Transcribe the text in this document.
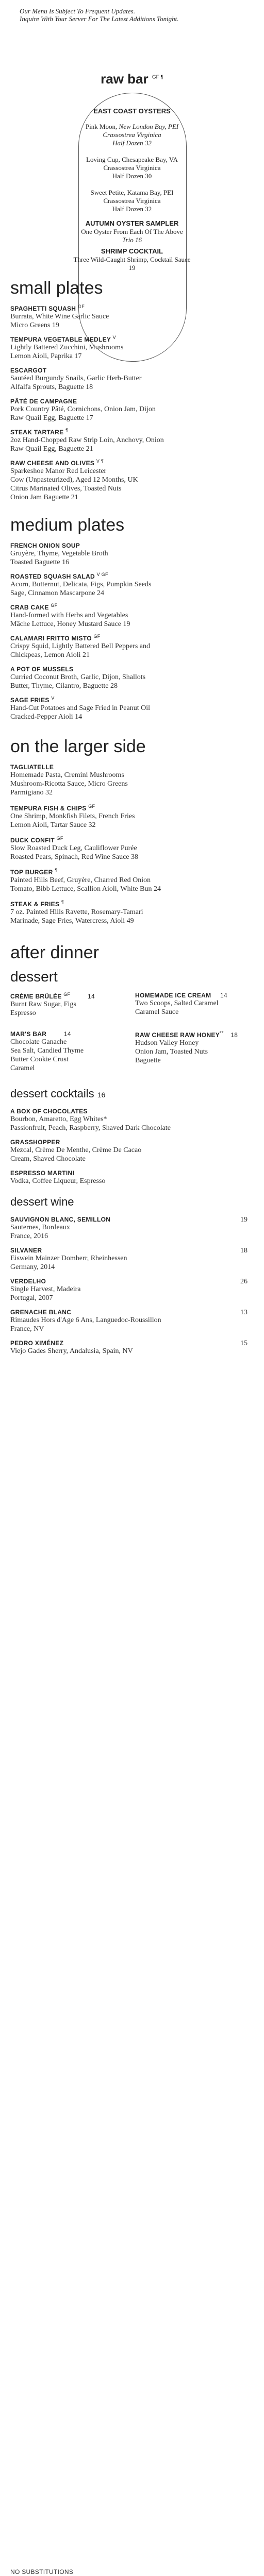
Our Menu Is Subject To Frequent Updates.
Inquire With Your Server For The Latest Additions Tonight.
raw bar $^{GF \P}$
EAST COAST OYSTERS
Pink Moon, New London Bay, PEI
Crassostrea Virginica
Half Dozen 32
Loving Cup, Chesapeake Bay, VA
Crassostrea Virginica
Half Dozen 30
Sweet Petite, Katama Bay, PEI
Crassostrea Virginica
Half Dozen 32
AUTUMN OYSTER SAMPLER
One Oyster From Each Of The Above
Trio 16
SHRIMP COCKTAIL
Three Wild-Caught Shrimp, Cocktail Sauce
19
small plates
SPAGHETTI SQUASH $^{GF}$
Burrata, White Wine Garlic Sauce
Micro Greens 19
TEMPURA VEGETABLE MEDLEY $^V$
Lightly Battered Zucchini, Mushrooms
Lemon Aioli, Paprika 17
ESCARGOT
Sautéed Burgundy Snails, Garlic Herb-Butter
Alfalfa Sprouts, Baguette 18
PÂTÉ DE CAMPAGNE
Pork Country Pâté, Cornichons, Onion Jam, Dijon
Raw Quail Egg, Baguette 17
STEAK TARTARE ¶
2oz Hand-Chopped Raw Strip Loin, Anchovy, Onion
Raw Quail Egg, Baguette 21
RAW CHEESE AND OLIVES $^{V \P}$
Sparkeshoe Manor Red Leicester
Cow (Unpasteurized), Aged 12 Months, UK
Citrus Marinated Olives, Toasted Nuts
Onion Jam Baguette 21
medium plates
FRENCH ONION SOUP
Gruyère, Thyme, Vegetable Broth
Toasted Baguette 16
ROASTED SQUASH SALAD $^{V GF}$
Acorn, Butternut, Delicata, Figs, Pumpkin Seeds
Sage, Cinnamon Mascarpone 24
CRAB CAKE $^{GF}$
Hand-formed with Herbs and Vegetables
Mâche Lettuce, Honey Mustard Sauce 19
CALAMARI FRITTO MISTO $^{GF}$
Crispy Squid, Lightly Battered Bell Peppers and
Chickpeas, Lemon Aioli 21
A POT OF MUSSELS
Curried Coconut Broth, Garlic, Dijon, Shallots
Butter, Thyme, Cilantro, Baguette 28
SAGE FRIES $^V$
Hand-Cut Potatoes and Sage Fried in Peanut Oil
Cracked-Pepper Aioli 14
on the larger side
TAGLIATELLE
Homemade Pasta, Cremini Mushrooms
Mushroom-Ricotta Sauce, Micro Greens
Parmigiano 32
TEMPURA FISH & CHIPS $^{GF}$
One Shrimp, Monkfish Filets, French Fries
Lemon Aioli, Tartar Sauce 32
DUCK CONFIT $^{GF}$
Slow Roasted Duck Leg, Cauliflower Purée
Roasted Pears, Spinach, Red Wine Sauce 38
TOP BURGER ¶
Painted Hills Beef, Gruyère, Charred Red Onion
Tomato, Bibb Lettuce, Scallion Aioli, White Bun 24
STEAK & FRIES ¶
7 oz. Painted Hills Ravette, Rosemary-Tamari
Marinade, Sage Fries, Watercress, Aioli 49
after dinner
dessert
CRÈME BRÛLÉE $^{GF}$	14
Burnt Raw Sugar, Figs
Espresso
HOMEMADE ICE CREAM 14
Two Scoops, Salted Caramel
Caramel Sauce
MAR'S BAR	14
Chocolate Ganache
Sea Salt, Candied Thyme
Butter Cookie Crust
Caramel
RAW CHEESE RAW HONEY** 18
Hudson Valley Honey
Onion Jam, Toasted Nuts
Baguette
dessert cocktails 16
A BOX OF CHOCOLATES
Bourbon, Amaretto, Egg Whites*
Passionfruit, Peach, Raspberry, Shaved Dark Chocolate
GRASSHOPPER
Mezcal, Crème De Menthe, Crème De Cacao
Cream, Shaved Chocolate
ESPRESSO MARTINI
Vodka, Coffee Liqueur, Espresso
dessert wine
SAUVIGNON BLANC, SEMILLON
Sauternes, Bordeaux
France, 2016
19
SILVANER
Eiswein Mainzer Domherr, Rheinhessen
Germany, 2014
18
VERDELHO
Single Harvest, Madeira
Portugal, 2007
26
GRENACHE BLANC
Rimaudes Hors d'Age 6 Ans, Languedoc-Roussillon
France, NV
13
PEDRO XIMÉNEZ
Viejo Gades Sherry, Andalusia, Spain, NV
15
NO SUBSTITUTIONS
